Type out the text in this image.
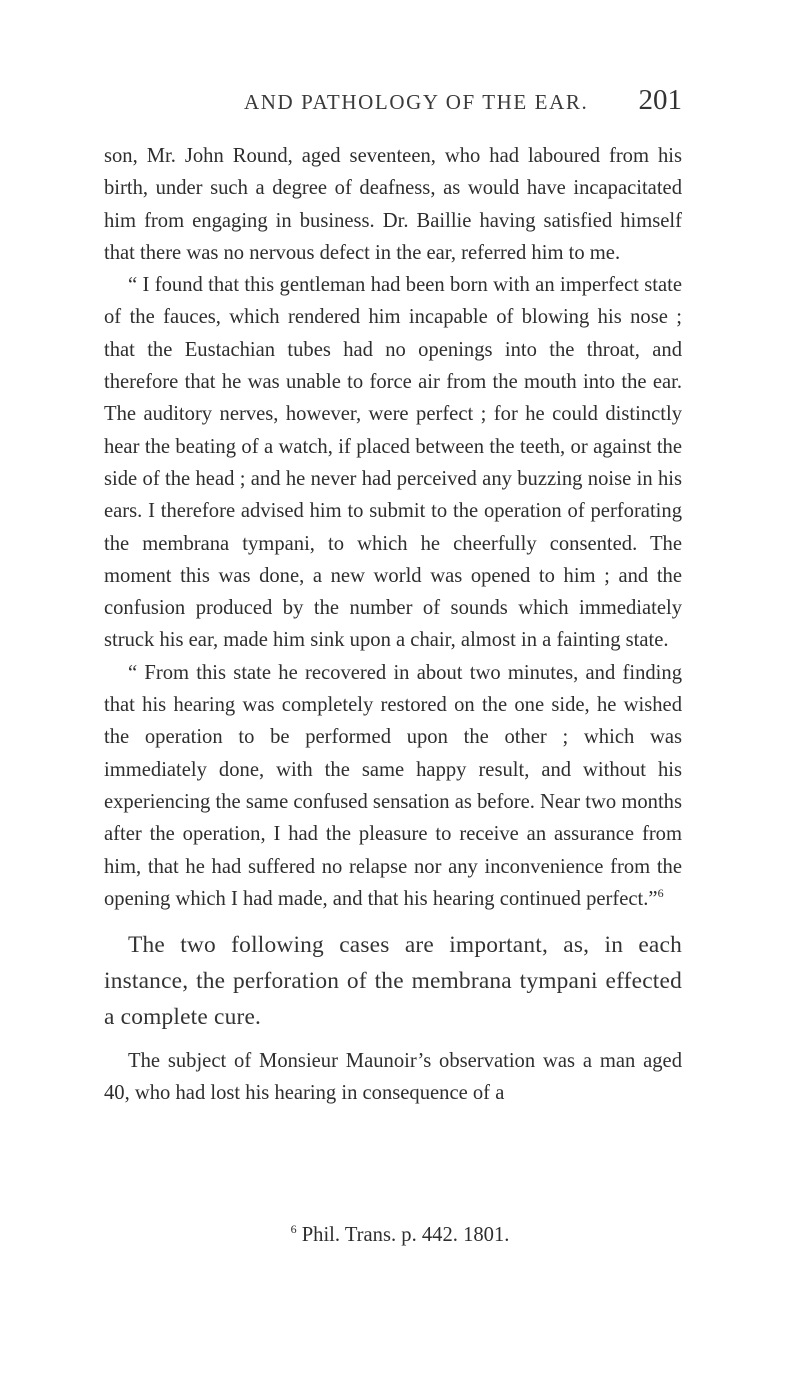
AND PATHOLOGY OF THE EAR. 201

son, Mr. John Round, aged seventeen, who had laboured from his birth, under such a degree of deafness, as would have incapacitated him from engaging in business. Dr. Baillie having satisfied himself that there was no nervous defect in the ear, referred him to me.

“ I found that this gentleman had been born with an imperfect state of the fauces, which rendered him incapable of blowing his nose ; that the Eustachian tubes had no openings into the throat, and therefore that he was unable to force air from the mouth into the ear. The auditory nerves, however, were perfect ; for he could distinctly hear the beating of a watch, if placed between the teeth, or against the side of the head ; and he never had perceived any buzzing noise in his ears. I therefore advised him to submit to the operation of perforating the membrana tympani, to which he cheerfully consented. The moment this was done, a new world was opened to him ; and the confusion produced by the number of sounds which immediately struck his ear, made him sink upon a chair, almost in a fainting state.

“ From this state he recovered in about two minutes, and finding that his hearing was completely restored on the one side, he wished the operation to be performed upon the other ; which was immediately done, with the same happy result, and without his experiencing the same confused sensation as before. Near two months after the operation, I had the pleasure to receive an assurance from him, that he had suffered no relapse nor any inconvenience from the opening which I had made, and that his hearing continued perfect.”$^6$

The two following cases are important, as, in each instance, the perforation of the membrana tympani effected a complete cure.

The subject of Monsieur Maunoir’s observation was a man aged 40, who had lost his hearing in consequence of a

$^6$ Phil. Trans. p. 442. 1801.
